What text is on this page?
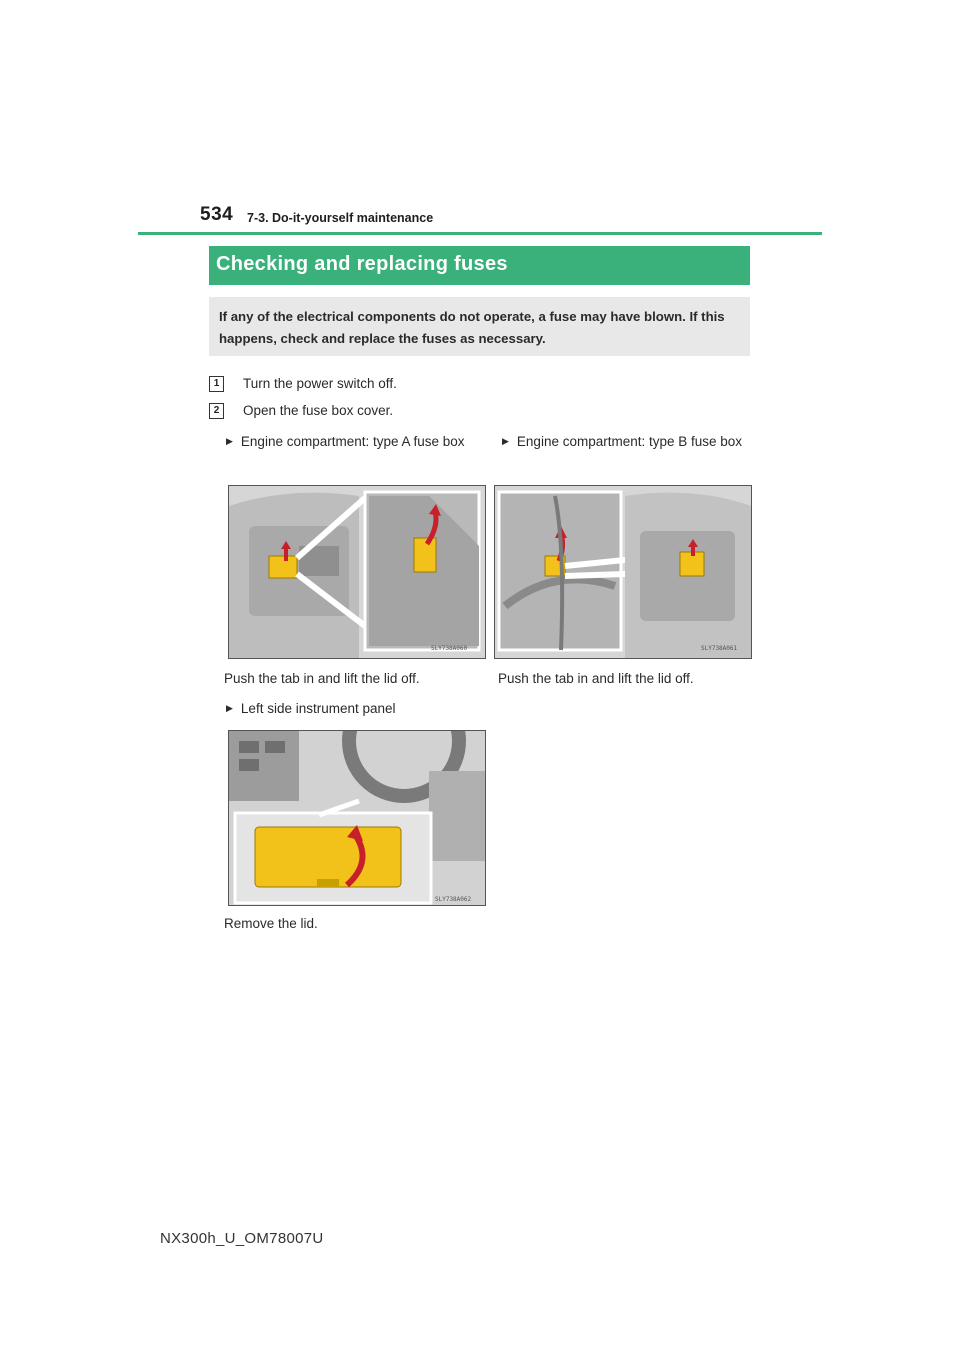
534 7-3. Do-it-yourself maintenance
Checking and replacing fuses
If any of the electrical components do not operate, a fuse may have blown. If this happens, check and replace the fuses as necessary.
1	Turn the power switch off.
2	Open the fuse box cover.
▶ Engine compartment: type A fuse box	▶ Engine compartment: type B fuse box
SLY738A060	SLY738A061
Push the tab in and lift the lid off.	Push the tab in and lift the lid off.
▶ Left side instrument panel
SLY738A062
Remove the lid.
NX300h_U_OM78007U
